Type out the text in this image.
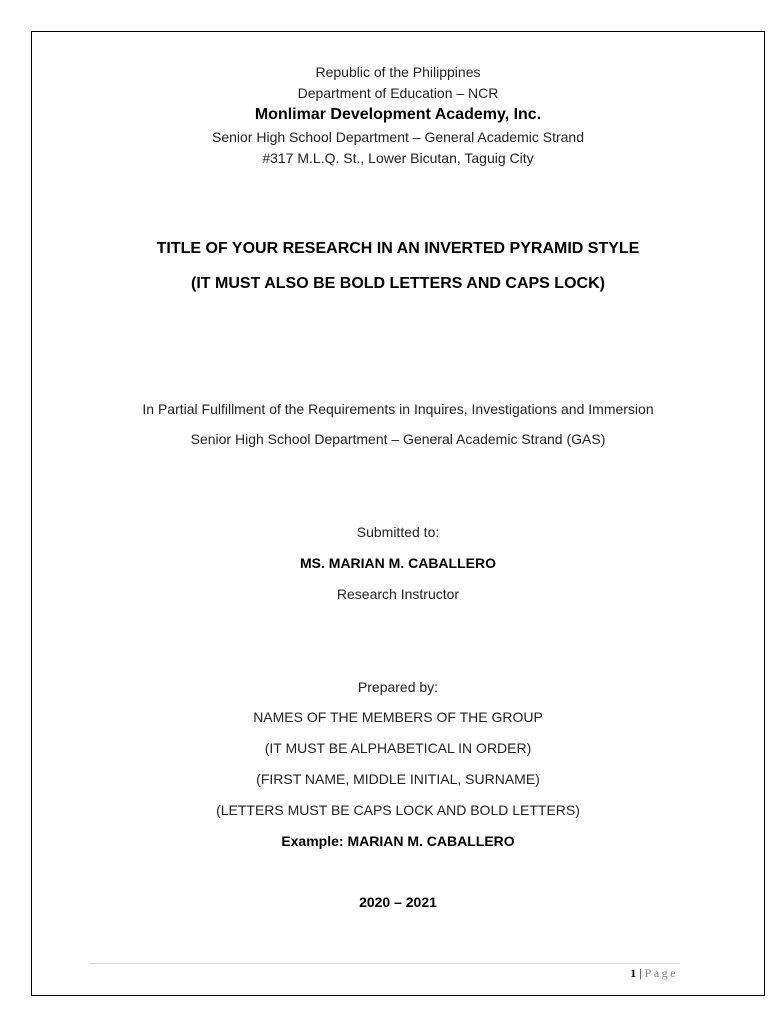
Republic of the Philippines
Department of Education – NCR
Monlimar Development Academy, Inc.
Senior High School Department – General Academic Strand
#317 M.L.Q. St., Lower Bicutan, Taguig City
TITLE OF YOUR RESEARCH IN AN INVERTED PYRAMID STYLE
(IT MUST ALSO BE BOLD LETTERS AND CAPS LOCK)
In Partial Fulfillment of the Requirements in Inquires, Investigations and Immersion
Senior High School Department – General Academic Strand (GAS)
Submitted to:
MS. MARIAN M. CABALLERO
Research Instructor
Prepared by:
NAMES OF THE MEMBERS OF THE GROUP
(IT MUST BE ALPHABETICAL IN ORDER)
(FIRST NAME, MIDDLE INITIAL, SURNAME)
(LETTERS MUST BE CAPS LOCK AND BOLD LETTERS)
Example: MARIAN M. CABALLERO
2020 – 2021
1 | Page
